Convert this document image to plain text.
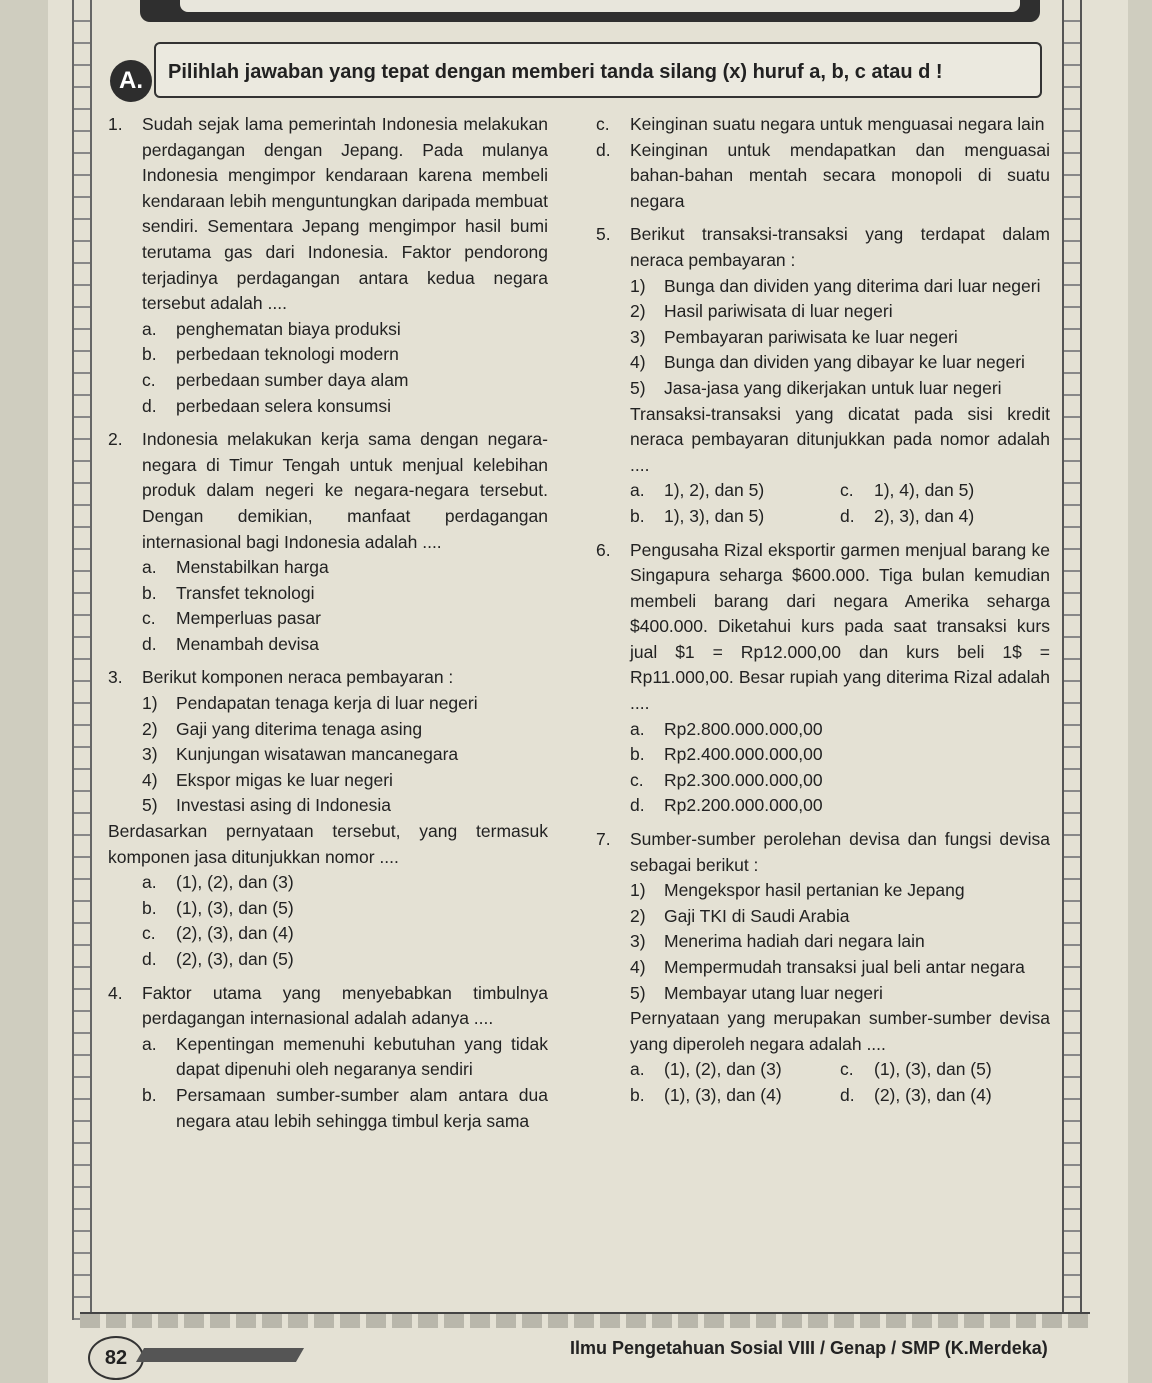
A.	Pilihlah jawaban yang tepat dengan memberi tanda silang (x) huruf a, b, c atau d !
1.	Sudah sejak lama pemerintah Indonesia melakukan perdagangan dengan Jepang. Pada mulanya Indonesia mengimpor kendaraan karena membeli kendaraan lebih menguntungkan daripada membuat sendiri. Sementara Jepang mengimpor hasil bumi terutama gas dari Indonesia. Faktor pendorong terjadinya perdagangan antara kedua negara tersebut adalah ....
a.	penghematan biaya produksi
b.	perbedaan teknologi modern
c.	perbedaan sumber daya alam
d.	perbedaan selera konsumsi
2.	Indonesia melakukan kerja sama dengan negara-negara di Timur Tengah untuk menjual kelebihan produk dalam negeri ke negara-negara tersebut. Dengan demikian, manfaat perdagangan internasional bagi Indonesia adalah ....
a.	Menstabilkan harga
b.	Transfet teknologi
c.	Memperluas pasar
d.	Menambah devisa
3.	Berikut komponen neraca pembayaran :
1)	Pendapatan tenaga kerja di luar negeri
2)	Gaji yang diterima tenaga asing
3)	Kunjungan wisatawan mancanegara
4)	Ekspor migas ke luar negeri
5)	Investasi asing di Indonesia
Berdasarkan pernyataan tersebut, yang termasuk komponen jasa ditunjukkan nomor ....
a.	(1), (2), dan (3)
b.	(1), (3), dan (5)
c.	(2), (3), dan (4)
d.	(2), (3), dan (5)
4.	Faktor utama yang menyebabkan timbulnya perdagangan internasional adalah adanya ....
a.	Kepentingan memenuhi kebutuhan yang tidak dapat dipenuhi oleh negaranya sendiri
b.	Persamaan sumber-sumber alam antara dua negara atau lebih sehingga timbul kerja sama
c.	Keinginan suatu negara untuk menguasai negara lain
d.	Keinginan untuk mendapatkan dan menguasai bahan-bahan mentah secara monopoli di suatu negara
5.	Berikut transaksi-transaksi yang terdapat dalam neraca pembayaran :
1)	Bunga dan dividen yang diterima dari luar negeri
2)	Hasil pariwisata di luar negeri
3)	Pembayaran pariwisata ke luar negeri
4)	Bunga dan dividen yang dibayar ke luar negeri
5)	Jasa-jasa yang dikerjakan untuk luar negeri
Transaksi-transaksi yang dicatat pada sisi kredit neraca pembayaran ditunjukkan pada nomor adalah ....
a.	1), 2), dan 5)	c.	1), 4), dan 5)
b.	1), 3), dan 5)	d.	2), 3), dan 4)
6.	Pengusaha Rizal eksportir garmen menjual barang ke Singapura seharga $600.000. Tiga bulan kemudian membeli barang dari negara Amerika seharga $400.000. Diketahui kurs pada saat transaksi kurs jual $1 = Rp12.000,00 dan kurs beli 1$ = Rp11.000,00. Besar rupiah yang diterima Rizal adalah ....
a.	Rp2.800.000.000,00
b.	Rp2.400.000.000,00
c.	Rp2.300.000.000,00
d.	Rp2.200.000.000,00
7.	Sumber-sumber perolehan devisa dan fungsi devisa sebagai berikut :
1)	Mengekspor hasil pertanian ke Jepang
2)	Gaji TKI di Saudi Arabia
3)	Menerima hadiah dari negara lain
4)	Mempermudah transaksi jual beli antar negara
5)	Membayar utang luar negeri
Pernyataan yang merupakan sumber-sumber devisa yang diperoleh negara adalah ....
a.	(1), (2), dan (3)	c.	(1), (3), dan (5)
b.	(1), (3), dan (4)	d.	(2), (3), dan (4)
82	Ilmu Pengetahuan Sosial VIII / Genap / SMP (K.Merdeka)
